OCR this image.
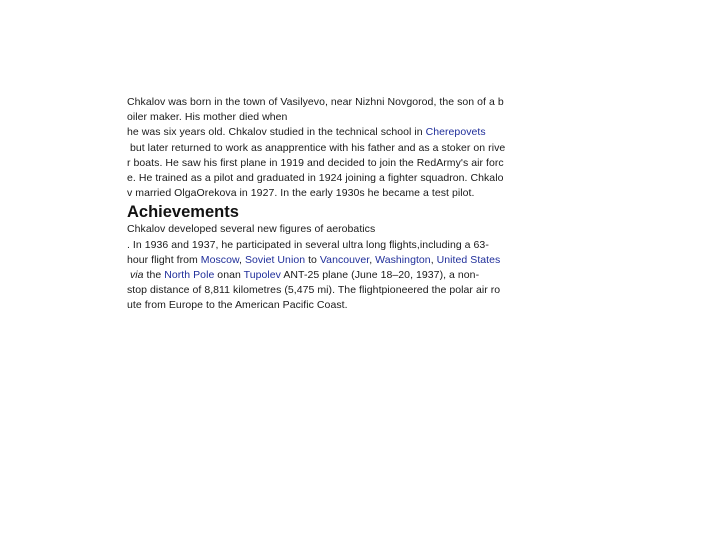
Chkalov was born in the town of Vasilyevo, near Nizhni Novgorod, the son of a b
oiler maker. His mother died when
he was six years old. Chkalov studied in the technical school in Cherepovets
but later returned to work as anapprentice with his father and as a stoker on rive
r boats. He saw his first plane in 1919 and decided to join the RedArmy's air forc
e. He trained as a pilot and graduated in 1924 joining a fighter squadron. Chkalo
v married OlgaOrekova in 1927. In the early 1930s he became a test pilot.
Achievements
Chkalov developed several new figures of aerobatics
. In 1936 and 1937, he participated in several ultra long flights,including a 63-
hour flight from Moscow, Soviet Union to Vancouver, Washington, United States
via the North Pole onan Tupolev ANT-25 plane (June 18–20, 1937), a non-
stop distance of 8,811 kilometres (5,475 mi). The flightpioneered the polar air ro
ute from Europe to the American Pacific Coast.
